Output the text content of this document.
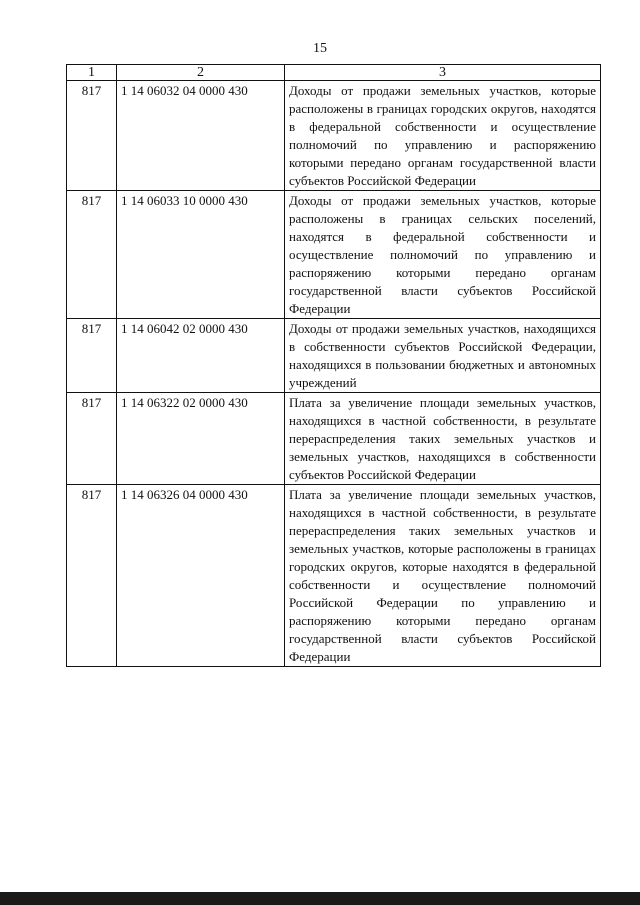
15
1	2	3
817	1 14 06032 04 0000 430	Доходы от продажи земельных участков, которые расположены в границах городских округов, находятся в федеральной собственности и осуществление полномочий по управлению и распоряжению которыми передано органам государственной власти субъектов Российской Федерации
817	1 14 06033 10 0000 430	Доходы от продажи земельных участков, которые расположены в границах сельских поселений, находятся в федеральной собственности и осуществление полномочий по управлению и распоряжению которыми передано органам государственной власти субъектов Российской Федерации
817	1 14 06042 02 0000 430	Доходы от продажи земельных участков, находящихся в собственности субъектов Российской Федерации, находящихся в пользовании бюджетных и автономных учреждений
817	1 14 06322 02 0000 430	Плата за увеличение площади земельных участков, находящихся в частной собственности, в результате перераспределения таких земельных участков и земельных участков, находящихся в собственности субъектов Российской Федерации
817	1 14 06326 04 0000 430	Плата за увеличение площади земельных участков, находящихся в частной собственности, в результате перераспределения таких земельных участков и земельных участков, которые расположены в границах городских округов, которые находятся в федеральной собственности и осуществление полномочий Российской Федерации по управлению и распоряжению которыми передано органам государственной власти субъектов Российской Федерации
